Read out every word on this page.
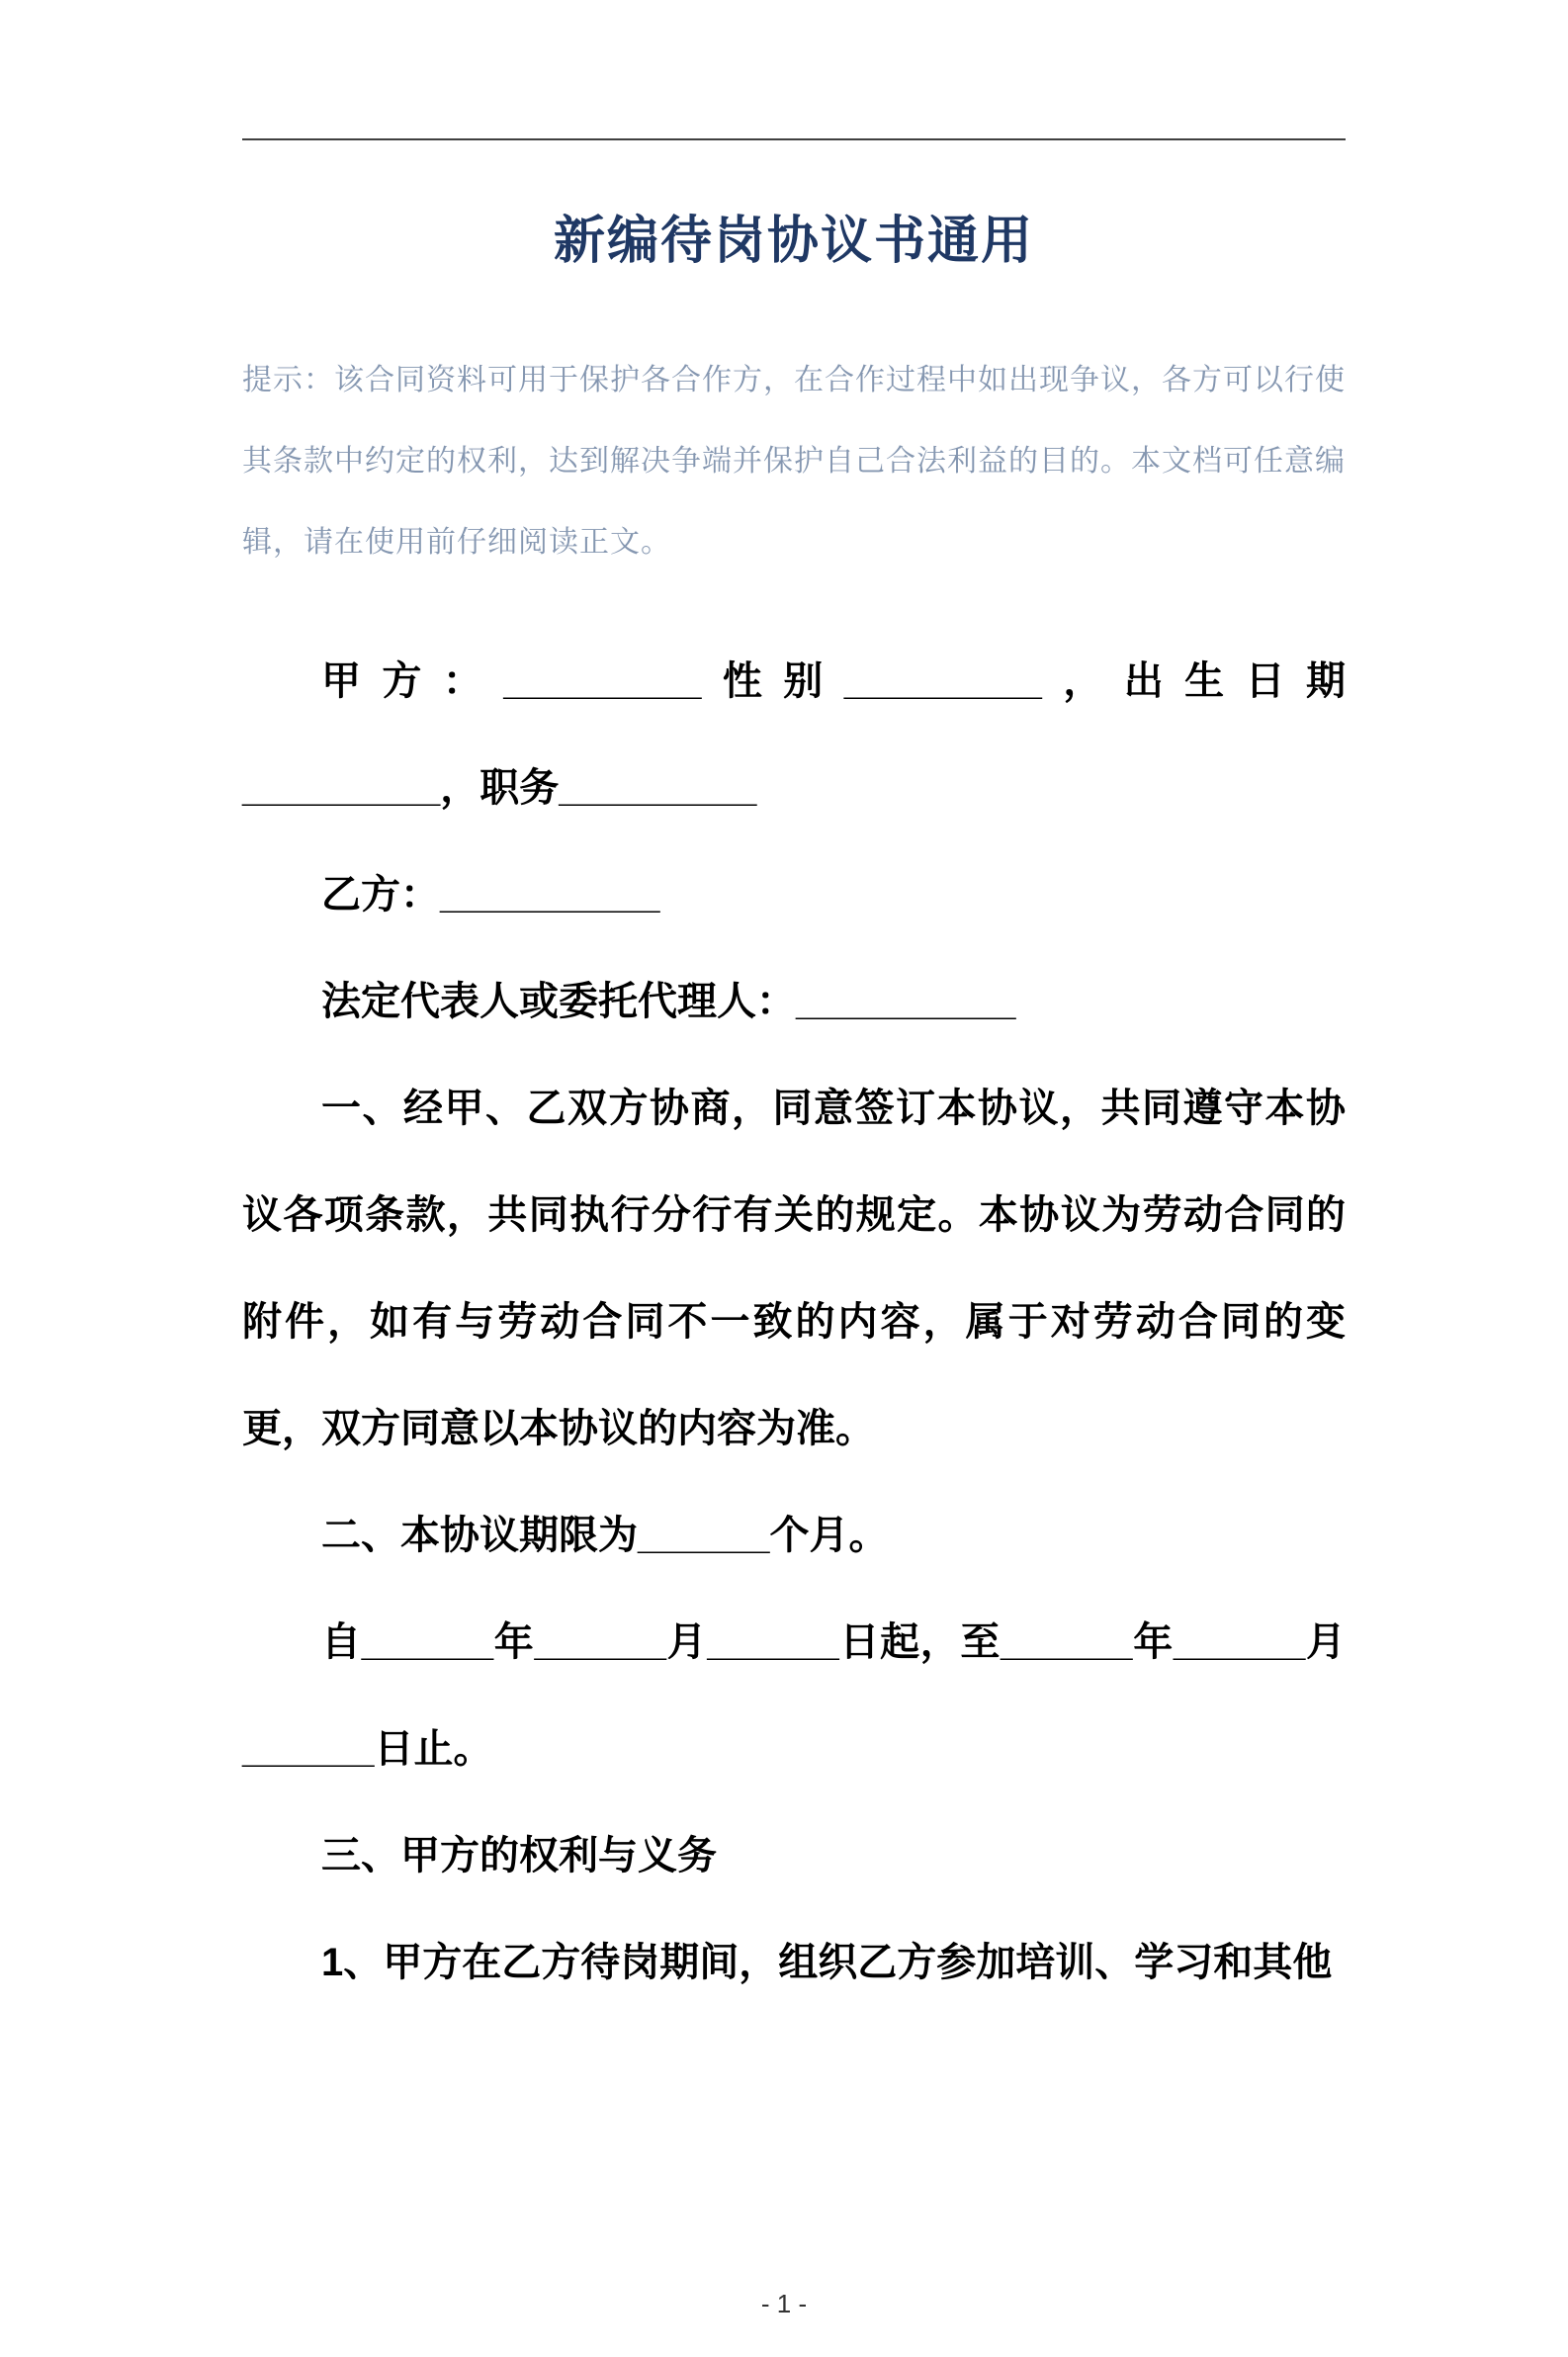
新编待岗协议书通用

提示：该合同资料可用于保护各合作方，在合作过程中如出现争议，各方可以行使其条款中约定的权利，达到解决争端并保护自己合法利益的目的。本文档可任意编辑，请在使用前仔细阅读正文。

甲方：_________性别_________，出生日期_________，职务_________

乙方：__________

法定代表人或委托代理人：__________

一、经甲、乙双方协商，同意签订本协议，共同遵守本协议各项条款，共同执行分行有关的规定。本协议为劳动合同的附件，如有与劳动合同不一致的内容，属于对劳动合同的变更，双方同意以本协议的内容为准。

二、本协议期限为______个月。

自______年______月______日起，至______年______月______日止。

三、甲方的权利与义务

1、甲方在乙方待岗期间，组织乙方参加培训、学习和其他

- 1 -
